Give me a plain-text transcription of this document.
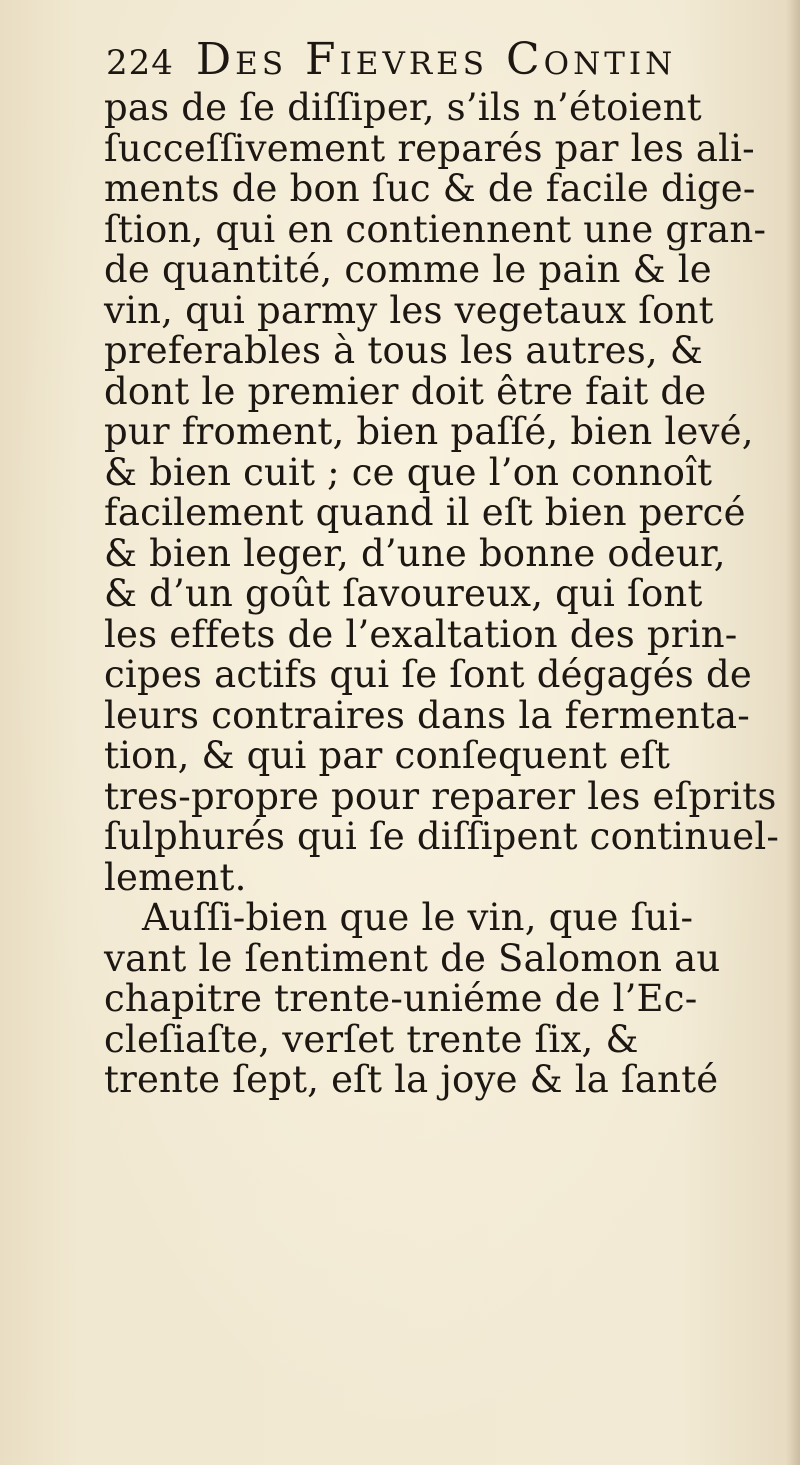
224 Des Fievres Contin
pas de ſe diſſiper, s’ils n’étoient
ſucceſſivement reparés par les ali-
ments de bon ſuc & de facile dige-
ſtion, qui en contiennent une gran-
de quantité, comme le pain & le
vin, qui parmy les vegetaux ſont
preferables à tous les autres, &
dont le premier doit être fait de
pur froment, bien paſſé, bien levé,
& bien cuit ; ce que l’on connoît
facilement quand il eſt bien percé
& bien leger, d’une bonne odeur,
& d’un goût ſavoureux, qui ſont
les effets de l’exaltation des prin-
cipes actifs qui ſe ſont dégagés de
leurs contraires dans la fermenta-
tion, & qui par conſequent eſt
tres-propre pour reparer les eſprits
ſulphurés qui ſe diſſipent continuel-
lement.
Auſſi-bien que le vin, que ſui-
vant le ſentiment de Salomon au
chapitre trente-uniéme de l’Ec-
cleſiaſte, verſet trente ſix, &
trente ſept, eſt la joye & la ſanté
